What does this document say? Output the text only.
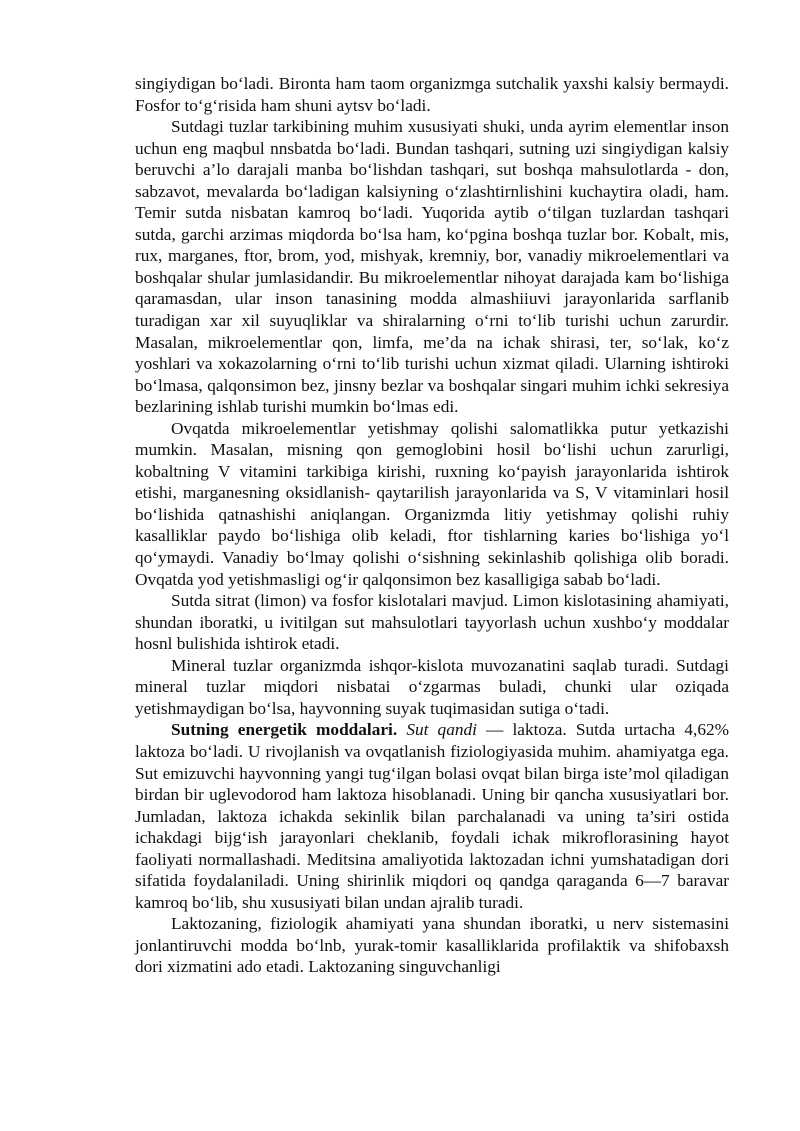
singiydigan bo‘ladi. Bironta ham taom organizmga sutchalik yaxshi kalsiy bermaydi. Fosfor to‘g‘risida ham shuni aytsv bo‘ladi.

Sutdagi tuzlar tarkibining muhim xususiyati shuki, unda ayrim elementlar inson uchun eng maqbul nnsbatda bo‘ladi. Bundan tashqari, sutning uzi singiydigan kalsiy beruvchi a’lo darajali manba bo‘lishdan tashqari, sut boshqa mahsulotlarda - don, sabzavot, mevalarda bo‘ladigan kalsiyning o‘zlashtirnlishini kuchaytira oladi, ham. Temir sutda nisbatan kamroq bo‘ladi. Yuqorida aytib o‘tilgan tuzlardan tashqari sutda, garchi arzimas miqdorda bo‘lsa ham, ko‘pgina boshqa tuzlar bor. Kobalt, mis, rux, marganes, ftor, brom, yod, mishyak, kremniy, bor, vanadiy mikroelementlari va boshqalar shular jumlasidandir. Bu mikroelementlar nihoyat darajada kam bo‘lishiga qaramasdan, ular inson tanasining modda almashiiuvi jarayonlarida sarflanib turadigan xar xil suyuqliklar va shiralarning o‘rni to‘lib turishi uchun zarurdir. Masalan, mikroelementlar qon, limfa, me’da na ichak shirasi, ter, so‘lak, ko‘z yoshlari va xokazolarning o‘rni to‘lib turishi uchun xizmat qiladi. Ularning ishtiroki bo‘lmasa, qalqonsimon bez, jinsny bezlar va boshqalar singari muhim ichki sekresiya bezlarining ishlab turishi mumkin bo‘lmas edi.

Ovqatda mikroelementlar yetishmay qolishi salomatlikka putur yetkazishi mumkin. Masalan, misning qon gemoglobini hosil bo‘lishi uchun zarurligi, kobaltning V vitamini tarkibiga kirishi, ruxning ko‘payish jarayonlarida ishtirok etishi, marganesning oksidlanish- qaytarilish jarayonlarida va S, V vitaminlari hosil bo‘lishida qatnashishi aniqlangan. Organizmda litiy yetishmay qolishi ruhiy kasalliklar paydo bo‘lishiga olib keladi, ftor tishlarning karies bo‘lishiga yo‘l qo‘ymaydi. Vanadiy bo‘lmay qolishi o‘sishning sekinlashib qolishiga olib boradi. Ovqatda yod yetishmasligi og‘ir qalqonsimon bez kasalligiga sabab bo‘ladi.

Sutda sitrat (limon) va fosfor kislotalari mavjud. Limon kislotasining ahamiyati, shundan iboratki, u ivitilgan sut mahsulotlari tayyorlash uchun xushbo‘y moddalar hosnl bulishida ishtirok etadi.

Mineral tuzlar organizmda ishqor-kislota muvozanatini saqlab turadi. Sutdagi mineral tuzlar miqdori nisbatai o‘zgarmas buladi, chunki ular oziqada yetishmaydigan bo‘lsa, hayvonning suyak tuqimasidan sutiga o‘tadi.

Sutning energetik moddalari. Sut qandi — laktoza. Sutda urtacha 4,62% laktoza bo‘ladi. U rivojlanish va ovqatlanish fiziologiyasida muhim. ahamiyatga ega. Sut emizuvchi hayvonning yangi tug‘ilgan bolasi ovqat bilan birga iste’mol qiladigan birdan bir uglevodorod ham laktoza hisoblanadi. Uning bir qancha xususiyatlari bor. Jumladan, laktoza ichakda sekinlik bilan parchalanadi va uning ta’siri ostida ichakdagi bijg‘ish jarayonlari cheklanib, foydali ichak mikroflorasining hayot faoliyati normallashadi. Meditsina amaliyotida laktozadan ichni yumshatadigan dori sifatida foydalaniladi. Uning shirinlik miqdori oq qandga qaraganda 6—7 baravar kamroq bo‘lib, shu xususiyati bilan undan ajralib turadi.

Laktozaning, fiziologik ahamiyati yana shundan iboratki, u nerv sistemasini jonlantiruvchi modda bo‘lnb, yurak-tomir kasalliklarida profilaktik va shifobaxsh dori xizmatini ado etadi. Laktozaning singuvchanligi
